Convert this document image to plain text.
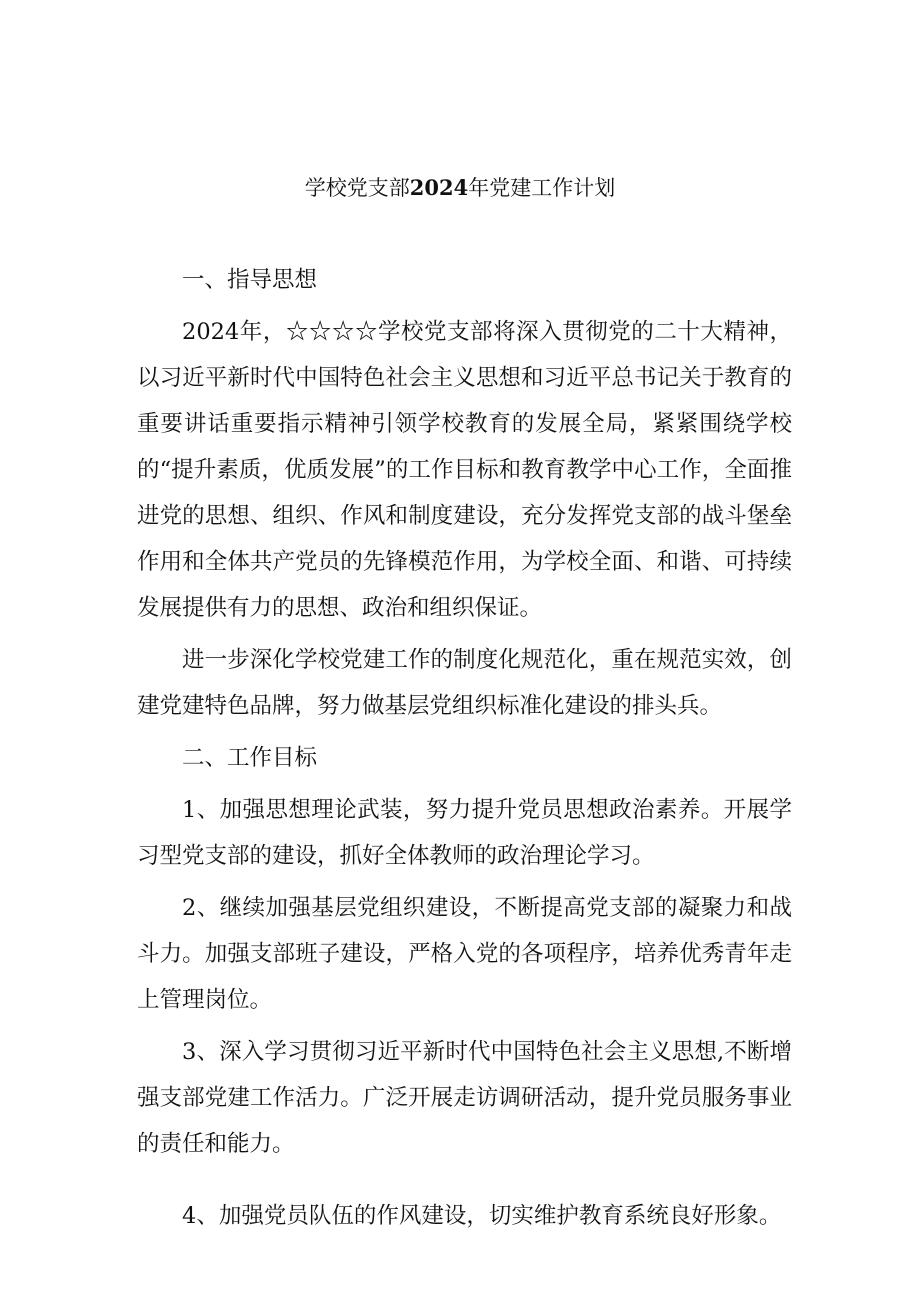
学校党支部2024年党建工作计划

一、指导思想

2024年，☆☆☆☆学校党支部将深入贯彻党的二十大精神，以习近平新时代中国特色社会主义思想和习近平总书记关于教育的重要讲话重要指示精神引领学校教育的发展全局，紧紧围绕学校的“提升素质，优质发展”的工作目标和教育教学中心工作，全面推进党的思想、组织、作风和制度建设，充分发挥党支部的战斗堡垒作用和全体共产党员的先锋模范作用，为学校全面、和谐、可持续发展提供有力的思想、政治和组织保证。

进一步深化学校党建工作的制度化规范化，重在规范实效，创建党建特色品牌，努力做基层党组织标准化建设的排头兵。

二、工作目标

1、加强思想理论武装，努力提升党员思想政治素养。开展学习型党支部的建设，抓好全体教师的政治理论学习。

2、继续加强基层党组织建设，不断提高党支部的凝聚力和战斗力。加强支部班子建设，严格入党的各项程序，培养优秀青年走上管理岗位。

3、深入学习贯彻习近平新时代中国特色社会主义思想,不断增强支部党建工作活力。广泛开展走访调研活动，提升党员服务事业的责任和能力。

4、加强党员队伍的作风建设，切实维护教育系统良好形象。
